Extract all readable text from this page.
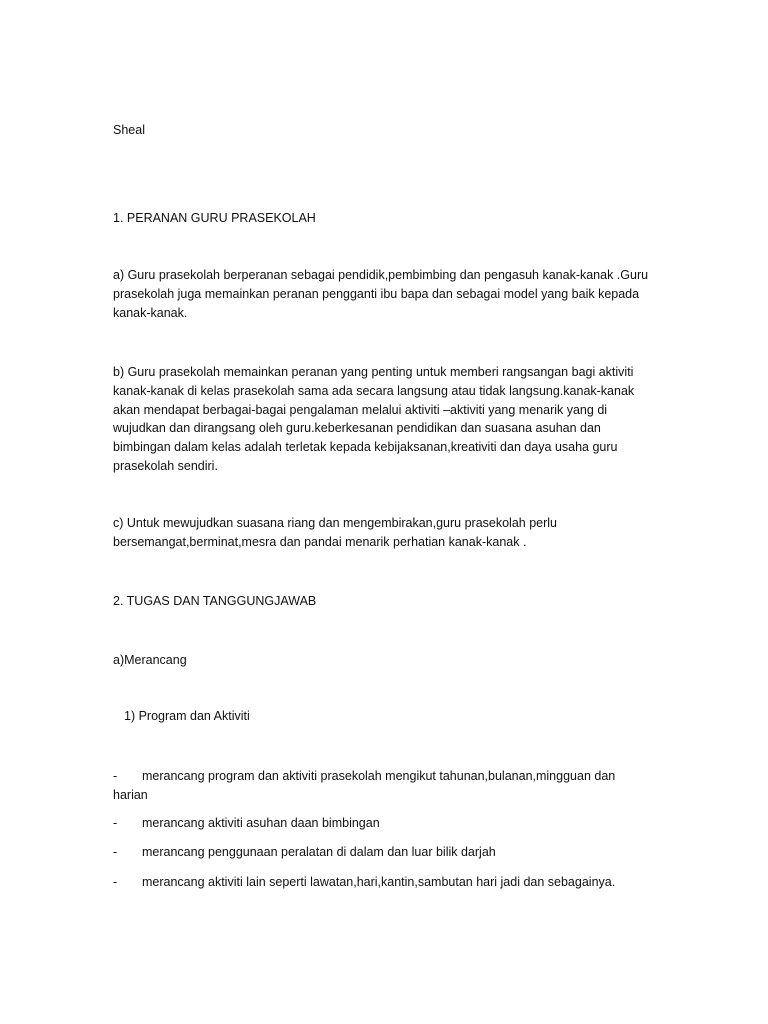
Sheal

1. PERANAN GURU PRASEKOLAH

a) Guru prasekolah berperanan sebagai pendidik,pembimbing dan pengasuh kanak-kanak .Guru prasekolah juga memainkan peranan pengganti ibu bapa dan sebagai model yang baik kepada kanak-kanak.

b) Guru prasekolah memainkan peranan yang penting untuk memberi rangsangan bagi aktiviti kanak-kanak di kelas prasekolah sama ada secara langsung atau tidak langsung.kanak-kanak akan mendapat berbagai-bagai pengalaman melalui aktiviti –aktiviti yang menarik yang di wujudkan dan dirangsang oleh guru.keberkesanan pendidikan dan suasana asuhan dan bimbingan dalam kelas adalah terletak kepada kebijaksanan,kreativiti dan daya usaha guru prasekolah sendiri.

c) Untuk mewujudkan suasana riang dan mengembirakan,guru prasekolah perlu bersemangat,berminat,mesra dan pandai menarik perhatian kanak-kanak .

2. TUGAS DAN TANGGUNGJAWAB

a)Merancang

1) Program dan Aktiviti

-	merancang program dan aktiviti prasekolah mengikut tahunan,bulanan,mingguan dan harian
-	merancang aktiviti asuhan daan bimbingan
-	merancang penggunaan peralatan di dalam dan luar bilik darjah
-	merancang aktiviti lain seperti lawatan,hari,kantin,sambutan hari jadi dan sebagainya.
